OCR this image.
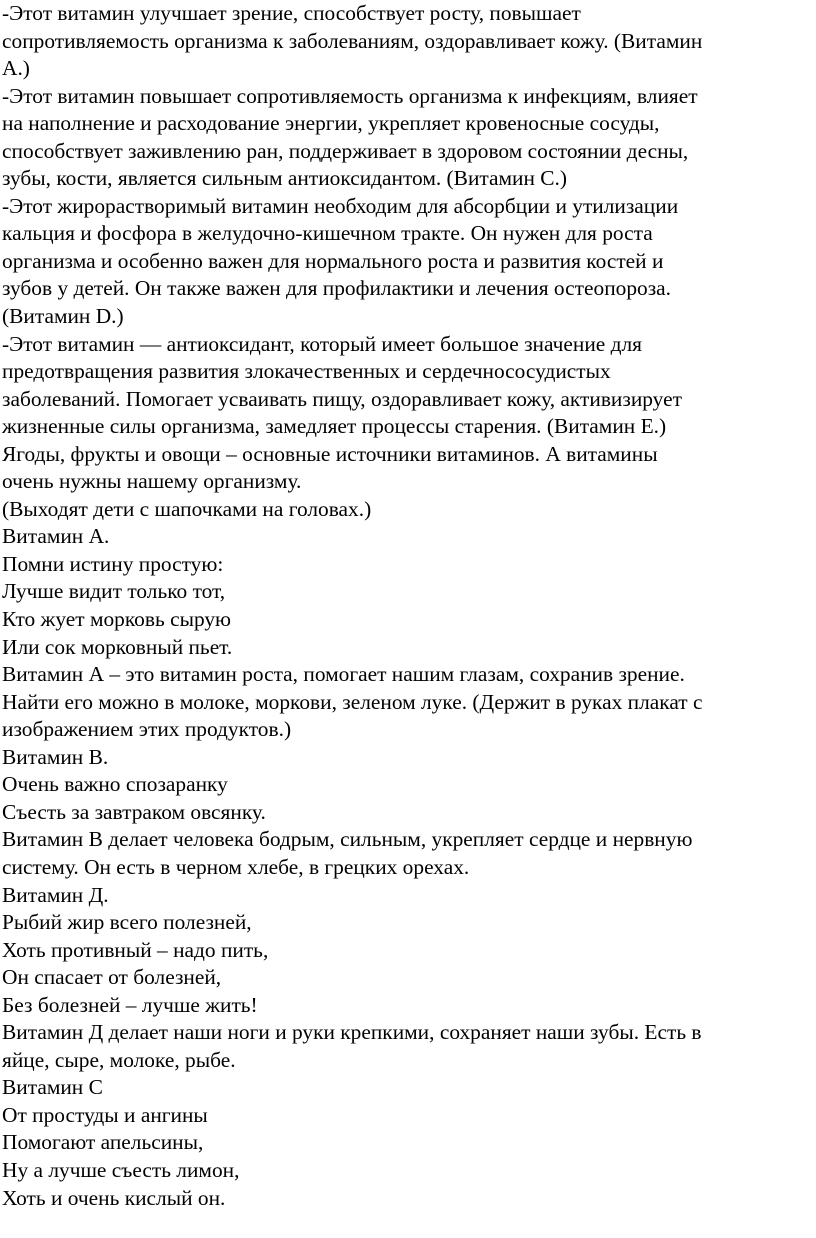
-Этот витамин улучшает зрение, способствует росту, повышает
сопротивляемость организма к заболеваниям, оздоравливает кожу. (Витамин
А.)
-Этот витамин повышает сопротивляемость организма к инфекциям, влияет
на наполнение и расходование энергии, укрепляет кровеносные сосуды,
способствует заживлению ран, поддерживает в здоровом состоянии десны,
зубы, кости, является сильным антиоксидантом. (Витамин С.)
-Этот жирорастворимый витамин необходим для абсорбции и утилизации
кальция и фосфора в желудочно-кишечном тракте. Он нужен для роста
организма и особенно важен для нормального роста и развития костей и
зубов у детей. Он также важен для профилактики и лечения остеопороза.
(Витамин D.)
-Этот витамин — антиоксидант, который имеет большое значение для
предотвращения развития злокачественных и сердечнососудистых
заболеваний. Помогает усваивать пищу, оздоравливает кожу, активизирует
жизненные силы организма, замедляет процессы старения. (Витамин Е.)
Ягоды, фрукты и овощи – основные источники витаминов. А витамины
очень нужны нашему организму.
(Выходят дети с шапочками на головах.)
Витамин А.
Помни истину простую:
Лучше видит только тот,
Кто жует морковь сырую
Или сок морковный пьет.
Витамин А – это витамин роста, помогает нашим глазам, сохранив зрение.
Найти его можно в молоке, моркови, зеленом луке. (Держит в руках плакат с
изображением этих продуктов.)
Витамин В.
Очень важно спозаранку
Съесть за завтраком овсянку.
Витамин В делает человека бодрым, сильным, укрепляет сердце и нервную
систему. Он есть в черном хлебе, в грецких орехах.
Витамин Д.
Рыбий жир всего полезней,
Хоть противный – надо пить,
Он спасает от болезней,
Без болезней – лучше жить!
Витамин Д делает наши ноги и руки крепкими, сохраняет наши зубы. Есть в
яйце, сыре, молоке, рыбе.
Витамин С
От простуды и ангины
Помогают апельсины,
Ну а лучше съесть лимон,
Хоть и очень кислый он.
